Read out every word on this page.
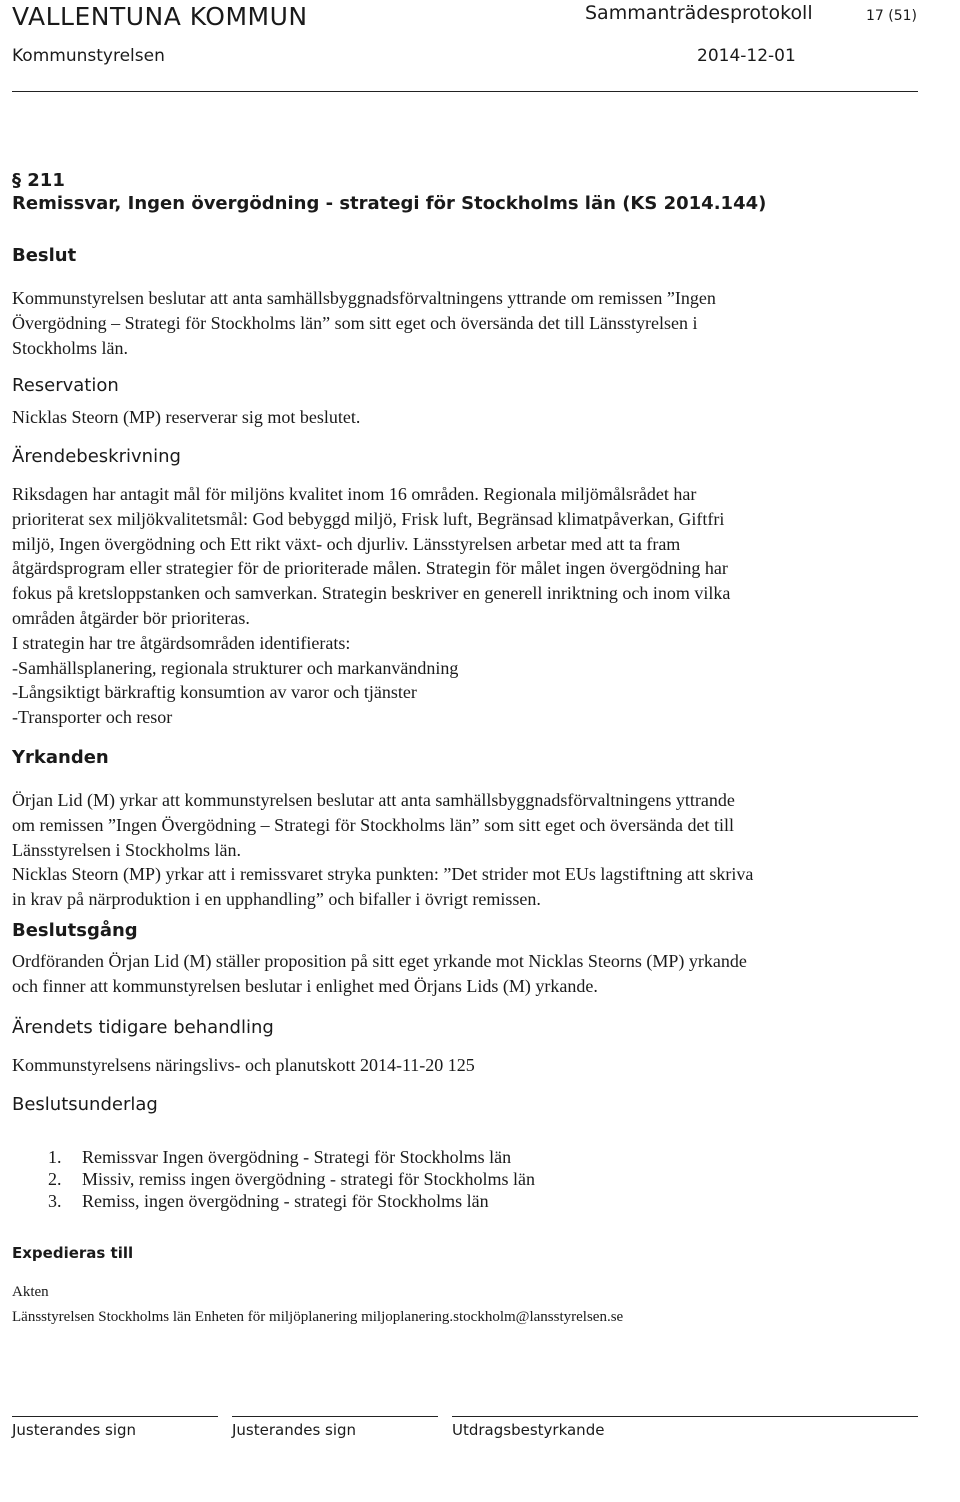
VALLENTUNA KOMMUN	Sammanträdesprotokoll	17 (51)
Kommunstyrelsen	2014-12-01
§ 211
Remissvar, Ingen övergödning - strategi för Stockholms län (KS 2014.144)
Beslut
Kommunstyrelsen beslutar att anta samhällsbyggnadsförvaltningens yttrande om remissen ”Ingen
Övergödning – Strategi för Stockholms län” som sitt eget och översända det till Länsstyrelsen i
Stockholms län.
Reservation
Nicklas Steorn (MP) reserverar sig mot beslutet.
Ärendebeskrivning
Riksdagen har antagit mål för miljöns kvalitet inom 16 områden. Regionala miljömålsrådet har
prioriterat sex miljökvalitetsmål: God bebyggd miljö, Frisk luft, Begränsad klimatpåverkan, Giftfri
miljö, Ingen övergödning och Ett rikt växt- och djurliv. Länsstyrelsen arbetar med att ta fram
åtgärdsprogram eller strategier för de prioriterade målen. Strategin för målet ingen övergödning har
fokus på kretsloppstanken och samverkan. Strategin beskriver en generell inriktning och inom vilka
områden åtgärder bör prioriteras.
I strategin har tre åtgärdsområden identifierats:
-Samhällsplanering, regionala strukturer och markanvändning
-Långsiktigt bärkraftig konsumtion av varor och tjänster
-Transporter och resor
Yrkanden
Örjan Lid (M) yrkar att kommunstyrelsen beslutar att anta samhällsbyggnadsförvaltningens yttrande
om remissen ”Ingen Övergödning – Strategi för Stockholms län” som sitt eget och översända det till
Länsstyrelsen i Stockholms län.
Nicklas Steorn (MP) yrkar att i remissvaret stryka punkten: ”Det strider mot EUs lagstiftning att skriva
in krav på närproduktion i en upphandling” och bifaller i övrigt remissen.
Beslutsgång
Ordföranden Örjan Lid (M) ställer proposition på sitt eget yrkande mot Nicklas Steorns (MP) yrkande
och finner att kommunstyrelsen beslutar i enlighet med Örjans Lids (M) yrkande.
Ärendets tidigare behandling
Kommunstyrelsens näringslivs- och planutskott 2014-11-20 125
Beslutsunderlag
1. Remissvar Ingen övergödning - Strategi för Stockholms län
2. Missiv, remiss ingen övergödning - strategi för Stockholms län
3. Remiss, ingen övergödning - strategi för Stockholms län
Expedieras till
Akten
Länsstyrelsen Stockholms län Enheten för miljöplanering miljoplanering.stockholm@lansstyrelsen.se
Justerandes sign	Justerandes sign	Utdragsbestyrkande
